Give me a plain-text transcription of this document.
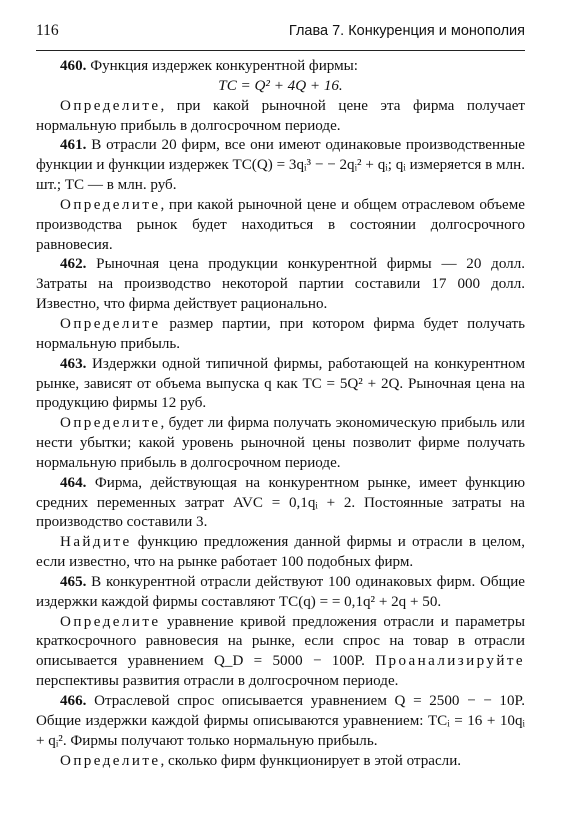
116	Глава 7. Конкуренция и монополия

460. Функция издержек конкурентной фирмы:

TC = Q² + 4Q + 16.

Определите, при какой рыночной цене эта фирма получает нормальную прибыль в долгосрочном периоде.

461. В отрасли 20 фирм, все они имеют одинаковые производственные функции и функции издержек TC(Q) = 3qᵢ³ − − 2qᵢ² + qᵢ; qᵢ измеряется в млн. шт.; TC — в млн. руб.

Определите, при какой рыночной цене и общем отраслевом объеме производства рынок будет находиться в состоянии долгосрочного равновесия.

462. Рыночная цена продукции конкурентной фирмы — 20 долл. Затраты на производство некоторой партии составили 17 000 долл. Известно, что фирма действует рационально.

Определите размер партии, при котором фирма будет получать нормальную прибыль.

463. Издержки одной типичной фирмы, работающей на конкурентном рынке, зависят от объема выпуска q как TC = 5Q² + 2Q. Рыночная цена на продукцию фирмы 12 руб.

Определите, будет ли фирма получать экономическую прибыль или нести убытки; какой уровень рыночной цены позволит фирме получать нормальную прибыль в долгосрочном периоде.

464. Фирма, действующая на конкурентном рынке, имеет функцию средних переменных затрат AVC = 0,1qᵢ + 2. Постоянные затраты на производство составили 3.

Найдите функцию предложения данной фирмы и отрасли в целом, если известно, что на рынке работает 100 подобных фирм.

465. В конкурентной отрасли действуют 100 одинаковых фирм. Общие издержки каждой фирмы составляют TC(q) = = 0,1q² + 2q + 50.

Определите уравнение кривой предложения отрасли и параметры краткосрочного равновесия на рынке, если спрос на товар в отрасли описывается уравнением Q_D = 5000 − 100P. Проанализируйте перспективы развития отрасли в долгосрочном периоде.

466. Отраслевой спрос описывается уравнением Q = 2500 − − 10P. Общие издержки каждой фирмы описываются уравнением: TCᵢ = 16 + 10qᵢ + qᵢ². Фирмы получают только нормальную прибыль.

Определите, сколько фирм функционирует в этой отрасли.
